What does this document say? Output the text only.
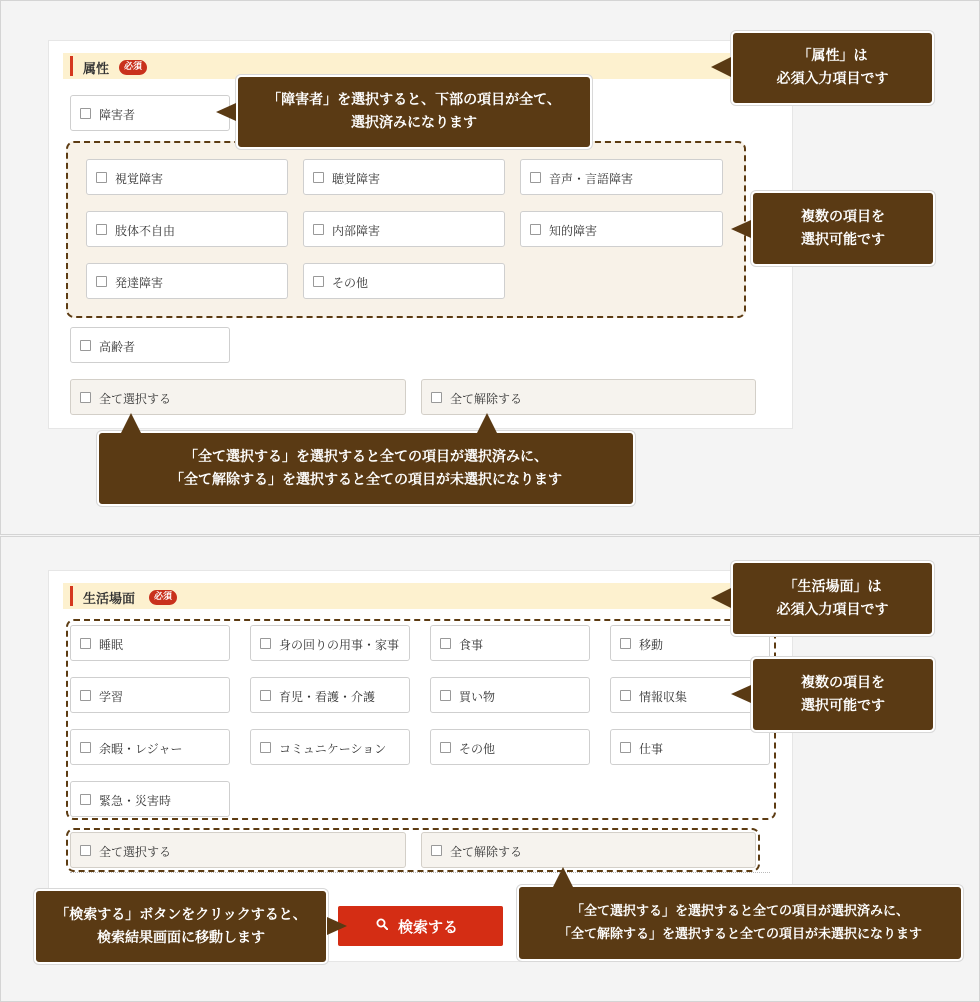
属性	必須
障害者
視覚障害	聴覚障害	音声・言語障害
肢体不自由	内部障害	知的障害
発達障害	その他
高齢者
全て選択する	全て解除する
「属性」は
必須入力項目です
「障害者」を選択すると、下部の項目が全て、
選択済みになります
複数の項目を
選択可能です
「全て選択する」を選択すると全ての項目が選択済みに、
「全て解除する」を選択すると全ての項目が未選択になります
生活場面	必須
睡眠	身の回りの用事・家事	食事	移動
学習	育児・看護・介護	買い物	情報収集
余暇・レジャー	コミュニケーション	その他	仕事
緊急・災害時
全て選択する	全て解除する
検索する
「生活場面」は
必須入力項目です
複数の項目を
選択可能です
「検索する」ボタンをクリックすると、
検索結果画面に移動します
「全て選択する」を選択すると全ての項目が選択済みに、
「全て解除する」を選択すると全ての項目が未選択になります
